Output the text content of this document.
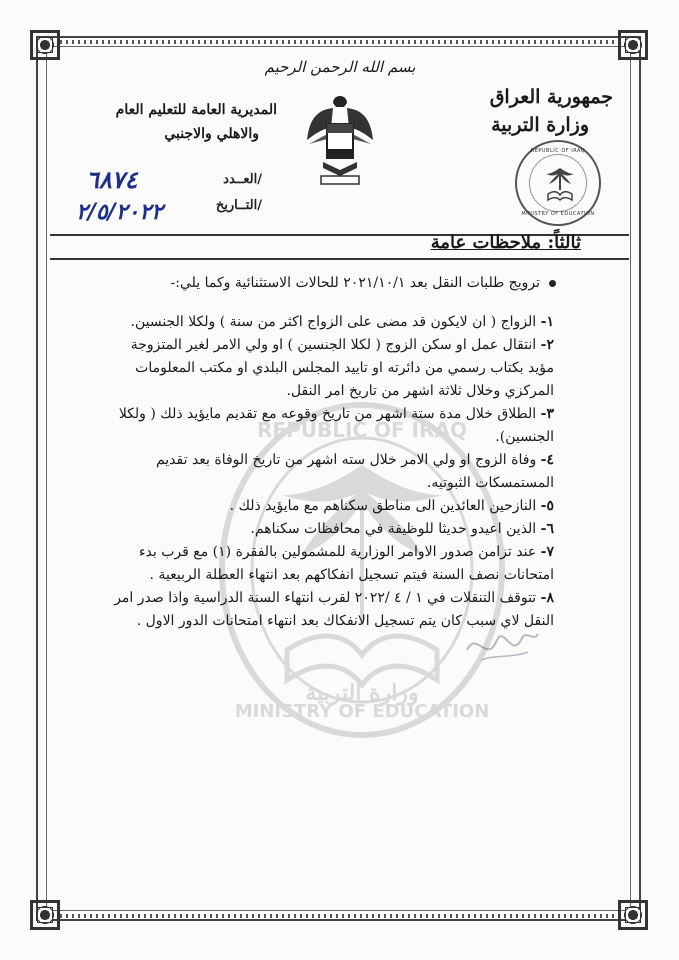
بسم الله الرحمن الرحيم
جمهورية العراق
وزارة التربية
المديرية العامة للتعليم العام
والاهلي والاجنبي
العــدد/
٦٨٧٤
التــاريخ/
٢/٥/٢٠٢٢
REPUBLIC OF IRAQ
MINISTRY OF EDUCATION
ثالثاً: ملاحظات عامة
REPUBLIC OF IRAQ
MINISTRY OF EDUCATION
وزارة التربية
ترويج طلبات النقل بعد ٢٠٢١/١٠/١ للحالات الاستثنائية وكما يلي:-
١- الزواج ( ان لايكون قد مضى على الزواج اكثر من سنة ) ولكلا الجنسين.
٢- انتقال عمل او سكن الزوج ( لكلا الجنسين ) او ولي الامر لغير المتزوجة مؤيد بكتاب رسمي من دائرته او تاييد المجلس البلدي او مكتب المعلومات المركزي وخلال ثلاثة اشهر من تاريخ امر النقل.
٣- الطلاق خلال مدة ستة اشهر من تاريخ وقوعه مع تقديم مايؤيد ذلك ( ولكلا الجنسين).
٤- وفاة الزوج او ولي الامر خلال سته اشهر من تاريخ الوفاة بعد تقديم المستمسكات الثبوتيه.
٥- النازحين العائدين الى مناطق سكناهم مع مايؤيد ذلك .
٦- الذين اعيدو حديثا للوظيفة في محافظات سكناهم.
٧- عند تزامن صدور الاوامر الوزارية للمشمولين بالفقرة (١) مع قرب بدء امتحانات نصف السنة فيتم تسجيل انفكاكهم بعد انتهاء العطلة الربيعية .
٨- تتوقف التنقلات في ١ / ٤ /٢٠٢٢ لقرب انتهاء السنة الدراسية واذا صدر امر النقل لاي سبب كان يتم تسجيل الانفكاك بعد انتهاء امتحانات الدور الاول .
